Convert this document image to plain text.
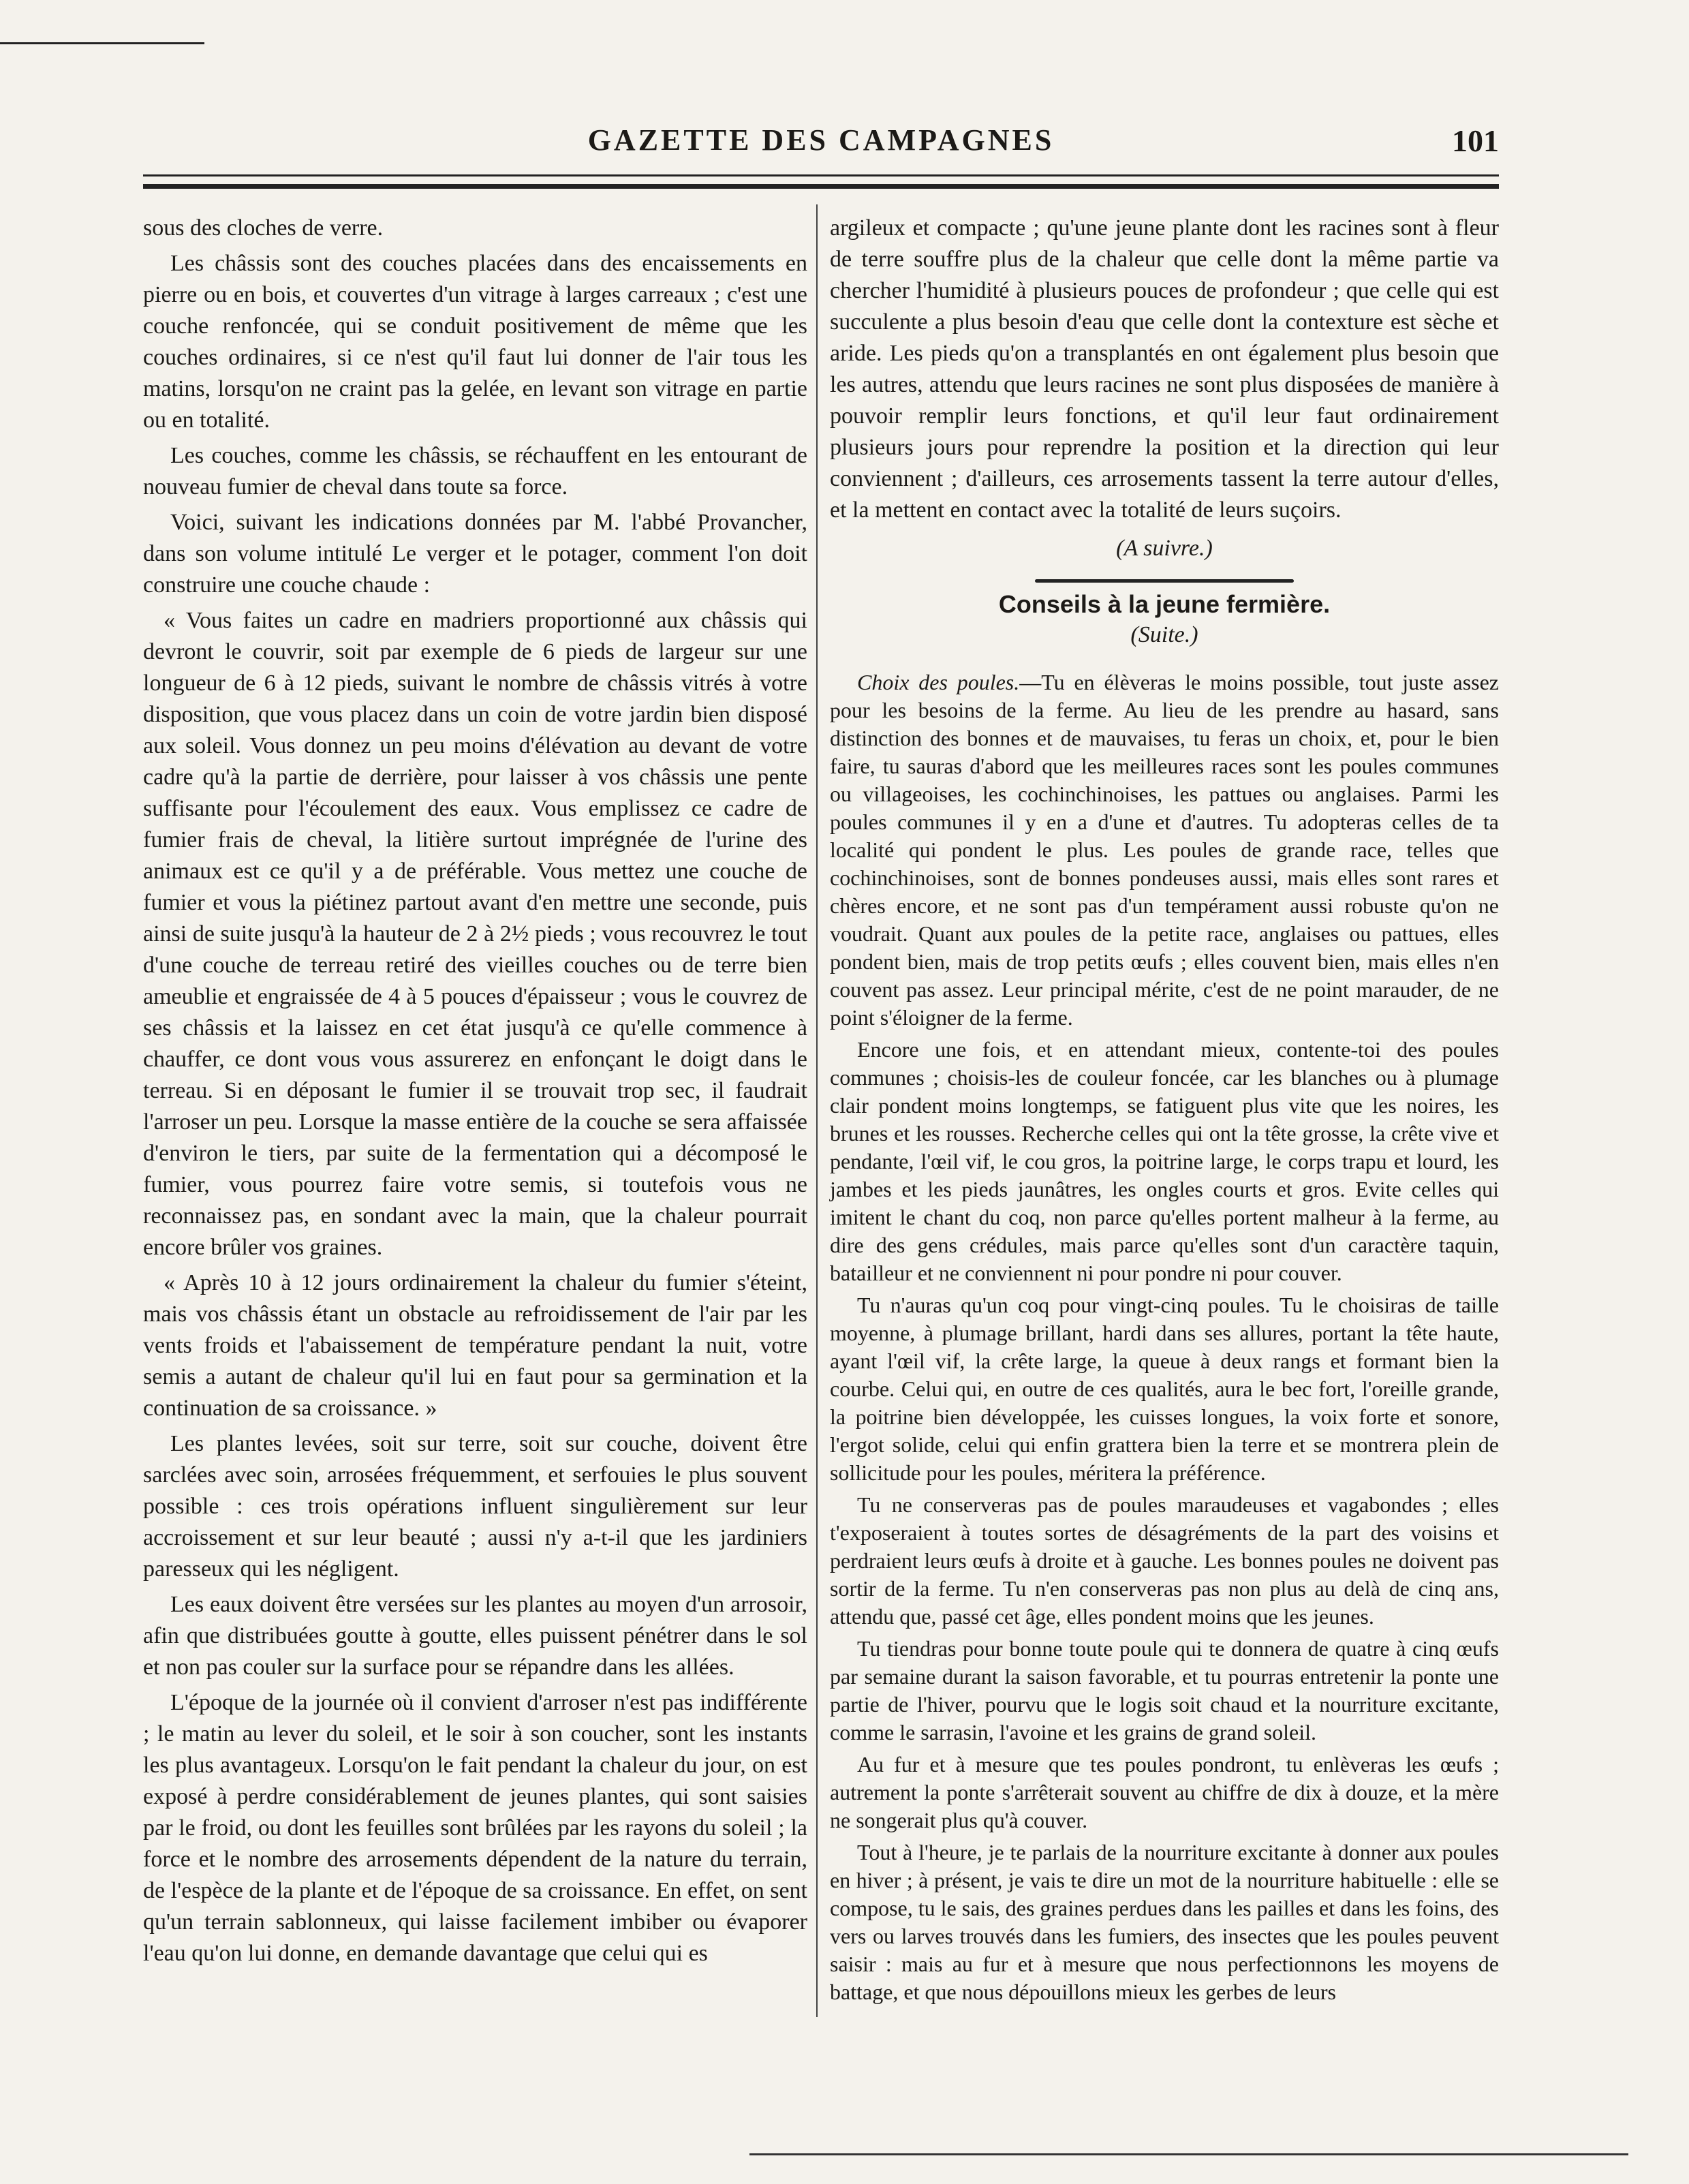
GAZETTE DES CAMPAGNES	101

sous des cloches de verre.

Les châssis sont des couches placées dans des encaissements en pierre ou en bois, et couvertes d'un vitrage à larges carreaux ; c'est une couche renfoncée, qui se conduit positivement de même que les couches ordinaires, si ce n'est qu'il faut lui donner de l'air tous les matins, lorsqu'on ne craint pas la gelée, en levant son vitrage en partie ou en totalité.

Les couches, comme les châssis, se réchauffent en les entourant de nouveau fumier de cheval dans toute sa force.

Voici, suivant les indications données par M. l'abbé Provancher, dans son volume intitulé Le verger et le potager, comment l'on doit construire une couche chaude :

« Vous faites un cadre en madriers proportionné aux châssis qui devront le couvrir, soit par exemple de 6 pieds de largeur sur une longueur de 6 à 12 pieds, suivant le nombre de châssis vitrés à votre disposition, que vous placez dans un coin de votre jardin bien disposé aux soleil. Vous donnez un peu moins d'élévation au devant de votre cadre qu'à la partie de derrière, pour laisser à vos châssis une pente suffisante pour l'écoulement des eaux. Vous emplissez ce cadre de fumier frais de cheval, la litière surtout imprégnée de l'urine des animaux est ce qu'il y a de préférable. Vous mettez une couche de fumier et vous la piétinez partout avant d'en mettre une seconde, puis ainsi de suite jusqu'à la hauteur de 2 à 2½ pieds ; vous recouvrez le tout d'une couche de terreau retiré des vieilles couches ou de terre bien ameublie et engraissée de 4 à 5 pouces d'épaisseur ; vous le couvrez de ses châssis et la laissez en cet état jusqu'à ce qu'elle commence à chauffer, ce dont vous vous assurerez en enfonçant le doigt dans le terreau. Si en déposant le fumier il se trouvait trop sec, il faudrait l'arroser un peu. Lorsque la masse entière de la couche se sera affaissée d'environ le tiers, par suite de la fermentation qui a décomposé le fumier, vous pourrez faire votre semis, si toutefois vous ne reconnaissez pas, en sondant avec la main, que la chaleur pourrait encore brûler vos graines.

« Après 10 à 12 jours ordinairement la chaleur du fumier s'éteint, mais vos châssis étant un obstacle au refroidissement de l'air par les vents froids et l'abaissement de température pendant la nuit, votre semis a autant de chaleur qu'il lui en faut pour sa germination et la continuation de sa croissance. »

Les plantes levées, soit sur terre, soit sur couche, doivent être sarclées avec soin, arrosées fréquemment, et serfouies le plus souvent possible : ces trois opérations influent singulièrement sur leur accroissement et sur leur beauté ; aussi n'y a-t-il que les jardiniers paresseux qui les négligent.

Les eaux doivent être versées sur les plantes au moyen d'un arrosoir, afin que distribuées goutte à goutte, elles puissent pénétrer dans le sol et non pas couler sur la surface pour se répandre dans les allées.

L'époque de la journée où il convient d'arroser n'est pas indifférente ; le matin au lever du soleil, et le soir à son coucher, sont les instants les plus avantageux. Lorsqu'on le fait pendant la chaleur du jour, on est exposé à perdre considérablement de jeunes plantes, qui sont saisies par le froid, ou dont les feuilles sont brûlées par les rayons du soleil ; la force et le nombre des arrosements dépendent de la nature du terrain, de l'espèce de la plante et de l'époque de sa croissance. En effet, on sent qu'un terrain sablonneux, qui laisse facilement imbiber ou évaporer l'eau qu'on lui donne, en demande davantage que celui qui es

argileux et compacte ; qu'une jeune plante dont les racines sont à fleur de terre souffre plus de la chaleur que celle dont la même partie va chercher l'humidité à plusieurs pouces de profondeur ; que celle qui est succulente a plus besoin d'eau que celle dont la contexture est sèche et aride. Les pieds qu'on a transplantés en ont également plus besoin que les autres, attendu que leurs racines ne sont plus disposées de manière à pouvoir remplir leurs fonctions, et qu'il leur faut ordinairement plusieurs jours pour reprendre la position et la direction qui leur conviennent ; d'ailleurs, ces arrosements tassent la terre autour d'elles, et la mettent en contact avec la totalité de leurs suçoirs.

(A suivre.)

Conseils à la jeune fermière.

(Suite.)

Choix des poules.—Tu en élèveras le moins possible, tout juste assez pour les besoins de la ferme. Au lieu de les prendre au hasard, sans distinction des bonnes et de mauvaises, tu feras un choix, et, pour le bien faire, tu sauras d'abord que les meilleures races sont les poules communes ou villageoises, les cochinchinoises, les pattues ou anglaises. Parmi les poules communes il y en a d'une et d'autres. Tu adopteras celles de ta localité qui pondent le plus. Les poules de grande race, telles que cochinchinoises, sont de bonnes pondeuses aussi, mais elles sont rares et chères encore, et ne sont pas d'un tempérament aussi robuste qu'on ne voudrait. Quant aux poules de la petite race, anglaises ou pattues, elles pondent bien, mais de trop petits œufs ; elles couvent bien, mais elles n'en couvent pas assez. Leur principal mérite, c'est de ne point marauder, de ne point s'éloigner de la ferme.

Encore une fois, et en attendant mieux, contente-toi des poules communes ; choisis-les de couleur foncée, car les blanches ou à plumage clair pondent moins longtemps, se fatiguent plus vite que les noires, les brunes et les rousses. Recherche celles qui ont la tête grosse, la crête vive et pendante, l'œil vif, le cou gros, la poitrine large, le corps trapu et lourd, les jambes et les pieds jaunâtres, les ongles courts et gros. Evite celles qui imitent le chant du coq, non parce qu'elles portent malheur à la ferme, au dire des gens crédules, mais parce qu'elles sont d'un caractère taquin, batailleur et ne conviennent ni pour pondre ni pour couver.

Tu n'auras qu'un coq pour vingt-cinq poules. Tu le choisiras de taille moyenne, à plumage brillant, hardi dans ses allures, portant la tête haute, ayant l'œil vif, la crête large, la queue à deux rangs et formant bien la courbe. Celui qui, en outre de ces qualités, aura le bec fort, l'oreille grande, la poitrine bien développée, les cuisses longues, la voix forte et sonore, l'ergot solide, celui qui enfin grattera bien la terre et se montrera plein de sollicitude pour les poules, méritera la préférence.

Tu ne conserveras pas de poules maraudeuses et vagabondes ; elles t'exposeraient à toutes sortes de désagréments de la part des voisins et perdraient leurs œufs à droite et à gauche. Les bonnes poules ne doivent pas sortir de la ferme. Tu n'en conserveras pas non plus au delà de cinq ans, attendu que, passé cet âge, elles pondent moins que les jeunes.

Tu tiendras pour bonne toute poule qui te donnera de quatre à cinq œufs par semaine durant la saison favorable, et tu pourras entretenir la ponte une partie de l'hiver, pourvu que le logis soit chaud et la nourriture excitante, comme le sarrasin, l'avoine et les grains de grand soleil.

Au fur et à mesure que tes poules pondront, tu enlèveras les œufs ; autrement la ponte s'arrêterait souvent au chiffre de dix à douze, et la mère ne songerait plus qu'à couver.

Tout à l'heure, je te parlais de la nourriture excitante à donner aux poules en hiver ; à présent, je vais te dire un mot de la nourriture habituelle : elle se compose, tu le sais, des graines perdues dans les pailles et dans les foins, des vers ou larves trouvés dans les fumiers, des insectes que les poules peuvent saisir : mais au fur et à mesure que nous perfectionnons les moyens de battage, et que nous dépouillons mieux les gerbes de leurs
